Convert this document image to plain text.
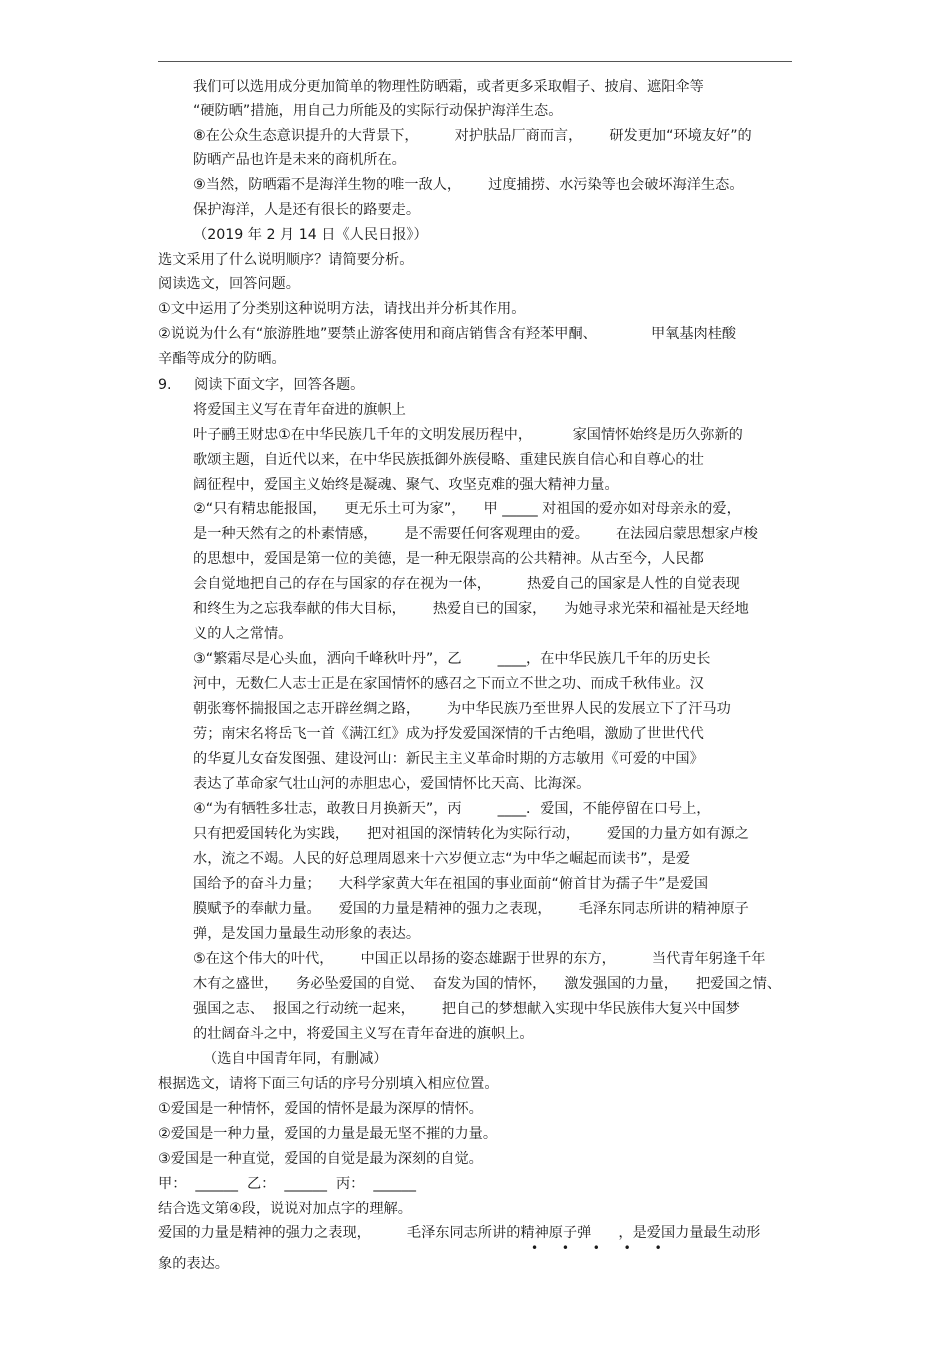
我们可以选用成分更加简单的物理性防晒霜，或者更多采取帽子、披肩、遮阳伞等
“硬防晒”措施，用自己力所能及的实际行动保护海洋生态。
⑧在公众生态意识提升的大背景下，        对护肤品厂商而言，      研发更加“环境友好”的
防晒产品也许是未来的商机所在。
⑨当然，防晒霜不是海洋生物的唯一敌人，      过度捕捞、水污染等也会破坏海洋生态。
保护海洋，人是还有很长的路要走。
（2019 年 2 月 14 日《人民日报》）
选文采用了什么说明顺序？请简要分析。
阅读选文，回答问题。
①文中运用了分类别这种说明方法，请找出并分析其作用。
②说说为什么有“旅游胜地”要禁止游客使用和商店销售含有羟苯甲酮、            甲氧基肉桂酸
辛酯等成分的防晒。
9.     阅读下面文字，回答各题。
将爱国主义写在青年奋进的旗帜上
叶子鹂王财忠①在中华民族几千年的文明发展历程中，         家国情怀始终是历久弥新的
歌颂主题，自近代以来，在中华民族抵御外族侵略、重建民族自信心和自尊心的壮
阔征程中，爱国主义始终是凝魂、聚气、攻坚克难的强大精神力量。
②“只有精忠能报国，    更无乐土可为家”，    甲 _____ 对祖国的爱亦如对母亲永的爱，
是一种天然有之的朴素情感，      是不需要任何客观理由的爱。      在法园启蒙思想家卢梭
的思想中，爱国是第一位的美德，是一种无限崇高的公共精神。从古至今，人民都
会自觉地把自己的存在与国家的存在视为一体，        热爱自己的国家是人性的自觉表现
和终生为之忘我奉献的伟大目标，      热爱自已的国家，    为她寻求光荣和福祉是天经地
义的人之常情。
③“繁霜尽是心头血，洒向千峰秋叶丹”，乙        ____，在中华民族几千年的历史长
河中，无数仁人志士正是在家国情怀的感召之下而立不世之功、而成千秋伟业。汉
朝张骞怀揣报国之志开辟丝绸之路，      为中华民族乃至世界人民的发展立下了汗马功
劳；南宋名将岳飞一首《满江红》成为抒发爱国深情的千古绝唱，激励了世世代代
的华夏儿女奋发图强、建设河山：新民主主义革命时期的方志敏用《可爱的中国》
表达了革命家气壮山河的赤胆忠心，爱国情怀比天高、比海深。
④“为有牺牲多壮志，敢教日月换新天”，丙        ____．爱国，不能停留在口号上，
只有把爱国转化为实践，    把对祖国的深情转化为实际行动，      爱国的力量方如有源之
水，流之不竭。人民的好总理周恩来十六岁便立志“为中华之崛起而读书”，是爱
国给予的奋斗力量；    大科学家黄大年在祖国的事业面前“俯首甘为孺子牛”是爱国
膜赋予的奉献力量。    爱国的力量是精神的强力之表现，      毛泽东同志所讲的精神原子
弹，是发国力量最生动形象的表达。
⑤在这个伟大的叶代，      中国正以昂扬的姿态雄踞于世界的东方，        当代青年躬逢千年
木有之盛世，    务必坠爱国的自觉、  奋发为国的情怀，    激发强国的力量，    把爱国之情、
强国之志、  报国之行动统一起来，      把自己的梦想献入实现中华民族伟大复兴中国梦
的壮阔奋斗之中，将爱国主义写在青年奋进的旗帜上。
（选自中国青年同，有删减）
根据选文，请将下面三句话的序号分别填入相应位置。
①爱国是一种情怀，爱国的情怀是最为深厚的情怀。
②爱国是一种力量，爱国的力量是最无坚不摧的力量。
③爱国是一种直觉，爱国的自觉是最为深刻的自觉。
甲：  ______  乙：  ______  丙：  ______
结合选文第④段，说说对加点字的理解。
爱国的力量是精神的强力之表现，        毛泽东同志所讲的精神原子弹      ，是爱国力量最生动形
• • • • •
象的表达。
